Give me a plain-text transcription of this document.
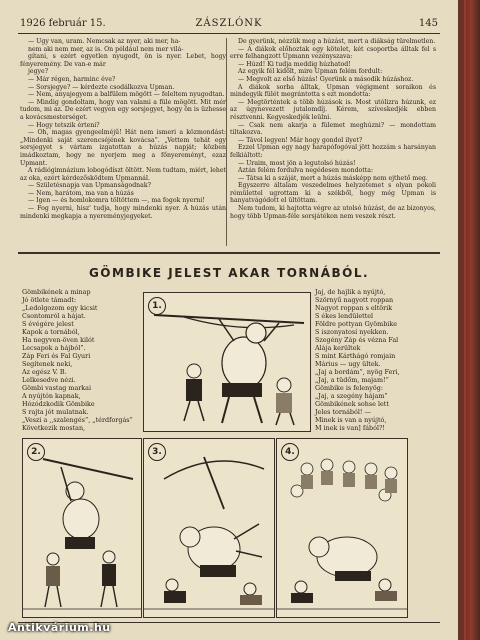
1926 február 15.	ZÁSZLÓNK	145

— Ugy van, uram. Nemcsak az nyer, aki mer, ha-

nem aki nem mer, az is. On például nem mer vilá-

gítani, s ezért egyetlen nyugodt, ön is nyer. Lebet, hogy fényeremény. De van-e már

jegye?

— Már régen, harminc éve?

— Sorsjegye? — kérdezte csodálkozva Upman.

— Nem, anyajegyem a balfülem mögött — feleltem nyugodtan.

— Mindig gondoltam, hogy van valami a füle mögött. Mit mér tudom, mi az. De ezért vegyen egy sorsjegyet, hogy ön is üzhesse a kovácsmesterséget.

— Hogy tetszik érteni?

— Oh, magas gyengeelméjű! Hát nem ismeri a közmondást: „Mindenki saját szerencséjének kovácsa”. „Vettem tehát egy sorsjegyet s vártam izgatottan a húzás napját; közben imádkoztam, hogy ne nyerjem meg a főnyereményt, ezaz Upmant.

A rádiógimnázium lobogódíszt öltött. Nem tudtam, miért, lehet az oka, ezért kérdezősködtem Upmannál.

— Születésnapja van Upmanságodnak?

— Nem, harátom, ma van a húzás

— Igen — és homlokomra töltöttem —, ma fogok nyerni!

— Fog nyerni, hisz' tudja, hogy mindenki nyer. A húzás után mindenki megkapja a nyereményjegyeket.

De gyerünk, nézzük meg a húzást, mert a diákság türelmetlen.

— A diákok előhoztak egy kötelet, két csoportba álltak fel s erre felhangzott Upmann vezényszava:

— Húzd! Ki tudja meddig húzhatod!

Az egyik fél kidőlt, mire Upman felém fordult:

— Megvolt az első húzás! Gyerünk a második húzáshoz.

A diákok sorba álltak, Upman végigment soraikon és mindegyik fülét megrántotta s ezt mondotta:

— Megtörténtek a több húzások is. Most utólizra húzunk, ez az úgynevezett jutalomdíj. Kérem, szíveskedjék ebben résztvenni. Kegyeskedjék leülni.

— Csak nem akarja a fülemet meghúzni? — mondottam tiltakozva.

— Távol legyen! Már hogy gondol ilyet?

Ezzel Upman egy nagy harapófogóval jött hozzám s harsányan felkiáltott:

— Uraim, most jön a legutolsó húzás!

Aztán felém fordulva negédesen mondotta:

— Tátsa ki a száját, mert a húzás másképp nem ejthető meg.

Egyszerre általam veszedelmes helyzetemet s olyan pokoli rémülettel ugrottam ki a székből, hogy még Upman is hanyatvágódott el ültöttam.

Nem tudom, ki hajtotta végre az utolsó húzást, de az bizonyos, hogy több Upman-féle sorsjátékon nem veszek részt.

GÖMBIKE JELEST AKAR TORNÁBÓL.
Gömbikének a minap
Jó ötlete támadt:
„Ledolgozom egy kicsit
Csontomról a hájat.
S évégére jelest
Kapok a tornából,
Ha negyven-öven kilót
Lecsapok a hájból”.
Záp Feri és Fal Gyuri
Segítenek neki,
Az egész V. B.
Lelkesedve nézi.
Gömbi vastag markai
A nyújtón kapnak,
Hózódzkodik Gömbike
S rajta jót mulatnak.
„Veszi a ,,szalengés”, „térdforgás”
Következik mostan,
Jaj, de hajlik a nyújtó,
Szörnyű nagyott roppan
Nagyot roppan s eltörik
S ékes lendülettel
Földre pottyan Gyömbike
S iszonyatosí nyekken.
Szegény Záp és vézna Fal
Alája kerültek
S mint Kárthágó romjain
Márius — ugy ültek.
„Jaj a bordám”, nyög Feri,
„Jaj, a tüdőm, majam!”
Gömbike is felenyög:
„Jaj, a szegény hájam”
Gömbikének sohse lett
Jeles tornából! —
Minek is van a nyújtó,
M inek is van] fából?!
1.
2.	3.	4.
Antikvárium.hu
